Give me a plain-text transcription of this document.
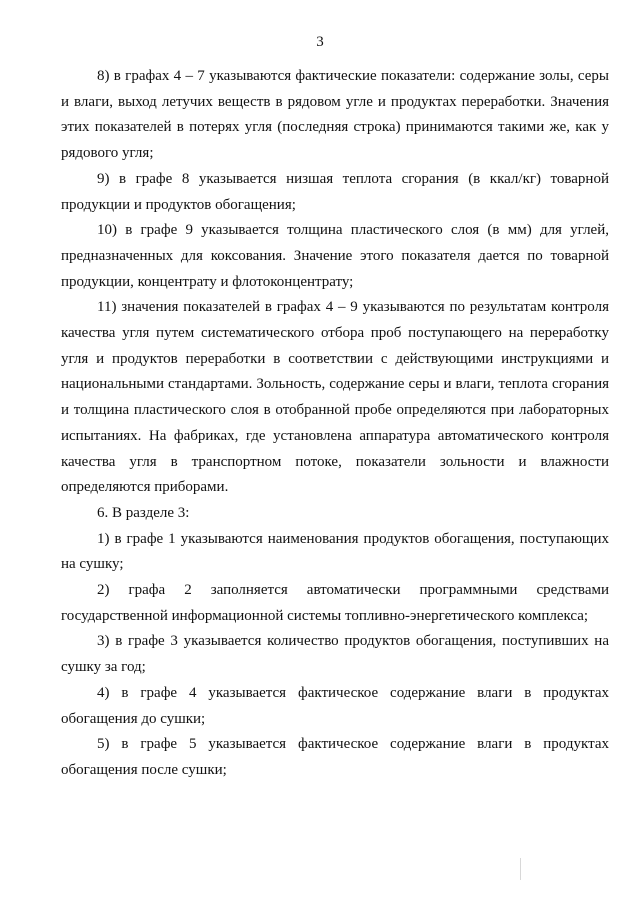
3

8) в графах 4 – 7 указываются фактические показатели: содержание золы, серы
и влаги, выход летучих веществ в рядовом угле и продуктах переработки. Значения
этих показателей в потерях угля (последняя строка) принимаются такими же, как у
рядового угля;

9) в графе 8 указывается низшая теплота сгорания (в ккал/кг) товарной
продукции и продуктов обогащения;

10) в графе 9 указывается толщина пластического слоя (в мм) для углей,
предназначенных для коксования. Значение этого показателя дается по товарной
продукции, концентрату и флотоконцентрату;

11) значения показателей в графах 4 – 9 указываются по результатам контроля
качества угля путем систематического отбора проб поступающего на переработку
угля и продуктов переработки в соответствии с действующими инструкциями и
национальными стандартами. Зольность, содержание серы и влаги, теплота сгорания
и толщина пластического слоя в отобранной пробе определяются при лабораторных
испытаниях. На фабриках, где установлена аппаратура автоматического контроля
качества угля в транспортном потоке, показатели зольности и влажности
определяются приборами.

6. В разделе 3:

1) в графе 1 указываются наименования продуктов обогащения, поступающих
на сушку;

2) графа 2 заполняется автоматически программными средствами
государственной информационной системы топливно-энергетического комплекса;

3) в графе 3 указывается количество продуктов обогащения, поступивших на
сушку за год;

4) в графе 4 указывается фактическое содержание влаги в продуктах
обогащения до сушки;

5) в графе 5 указывается фактическое содержание влаги в продуктах
обогащения после сушки;
